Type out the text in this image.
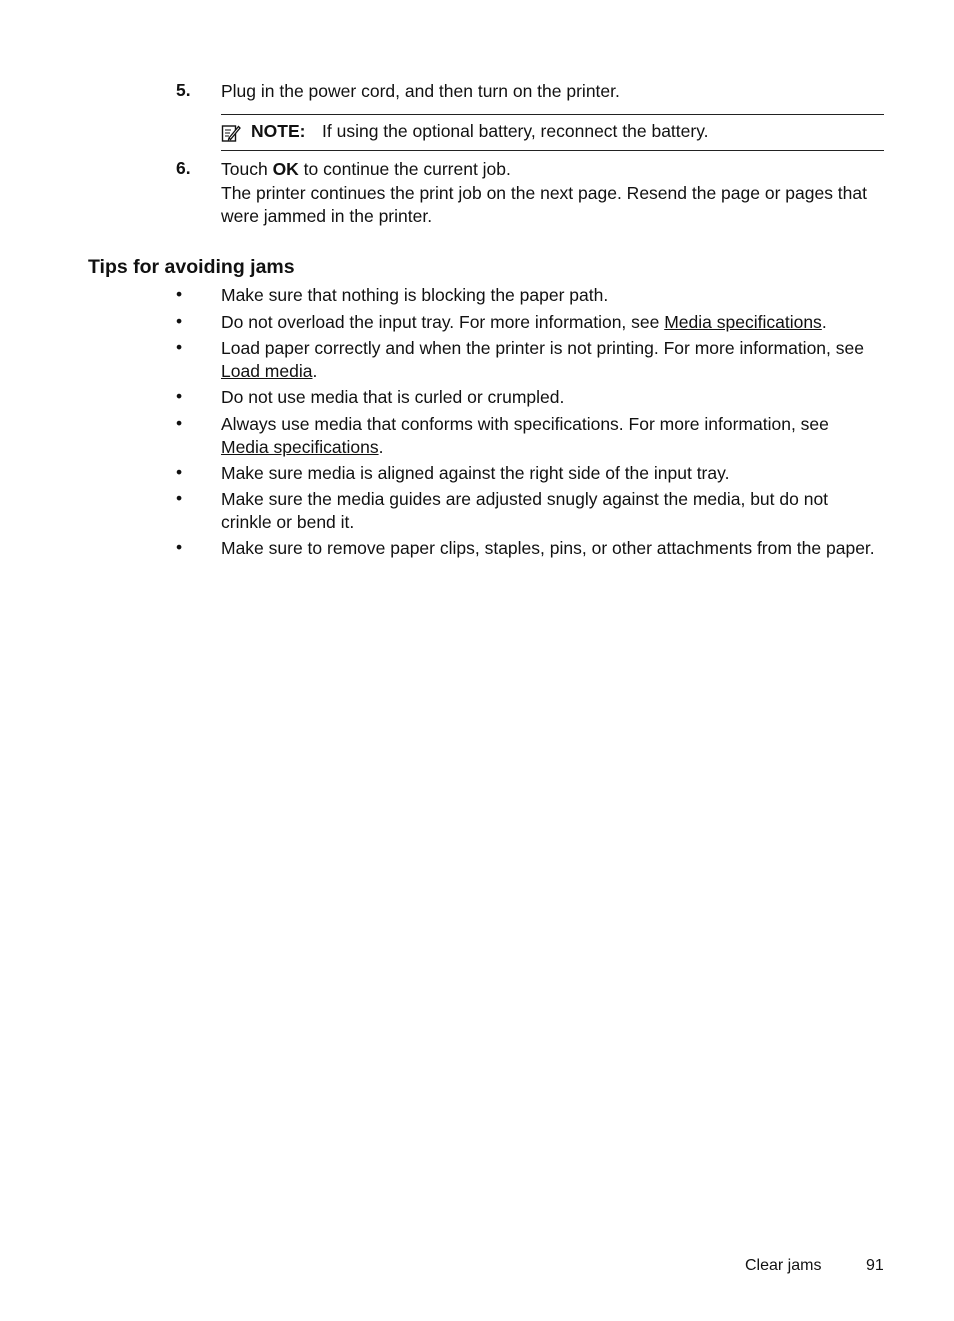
5. Plug in the power cord, and then turn on the printer.
NOTE: If using the optional battery, reconnect the battery.
6. Touch OK to continue the current job.
The printer continues the print job on the next page. Resend the page or pages that were jammed in the printer.
Tips for avoiding jams
• Make sure that nothing is blocking the paper path.
• Do not overload the input tray. For more information, see Media specifications.
• Load paper correctly and when the printer is not printing. For more information, see Load media.
• Do not use media that is curled or crumpled.
• Always use media that conforms with specifications. For more information, see Media specifications.
• Make sure media is aligned against the right side of the input tray.
• Make sure the media guides are adjusted snugly against the media, but do not crinkle or bend it.
• Make sure to remove paper clips, staples, pins, or other attachments from the paper.
Clear jams	91
